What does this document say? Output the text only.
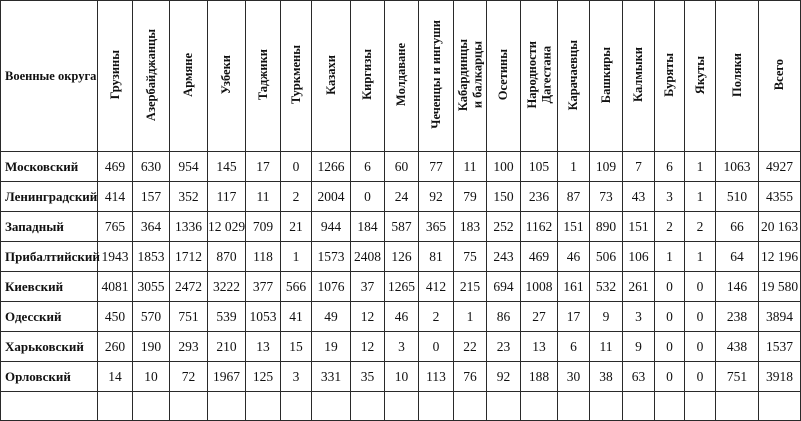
Военные округа	Грузины	Азербайджанцы	Армяне	Узбеки	Таджики	Туркмены	Казахи	Киргизы	Молдаване	Чеченцы и ингуши	Кабардинцы и балкарцы	Осетины	Народности Дагестана	Карачаевцы	Башкиры	Калмыки	Буряты	Якуты	Поляки	Всего

Московский	469	630	954	145	17	0	1266	6	60	77	11	100	105	1	109	7	6	1	1063	4927
Ленинградский	414	157	352	117	11	2	2004	0	24	92	79	150	236	87	73	43	3	1	510	4355
Западный	765	364	1336	12 029	709	21	944	184	587	365	183	252	1162	151	890	151	2	2	66	20 163
Прибалтийский	1943	1853	1712	870	118	1	1573	2408	126	81	75	243	469	46	506	106	1	1	64	12 196
Киевский	4081	3055	2472	3222	377	566	1076	37	1265	412	215	694	1008	161	532	261	0	0	146	19 580
Одесский	450	570	751	539	1053	41	49	12	46	2	1	86	27	17	9	3	0	0	238	3894
Харьковский	260	190	293	210	13	15	19	12	3	0	22	23	13	6	11	9	0	0	438	1537
Орловский	14	10	72	1967	125	3	331	35	10	113	76	92	188	30	38	63	0	0	751	3918
